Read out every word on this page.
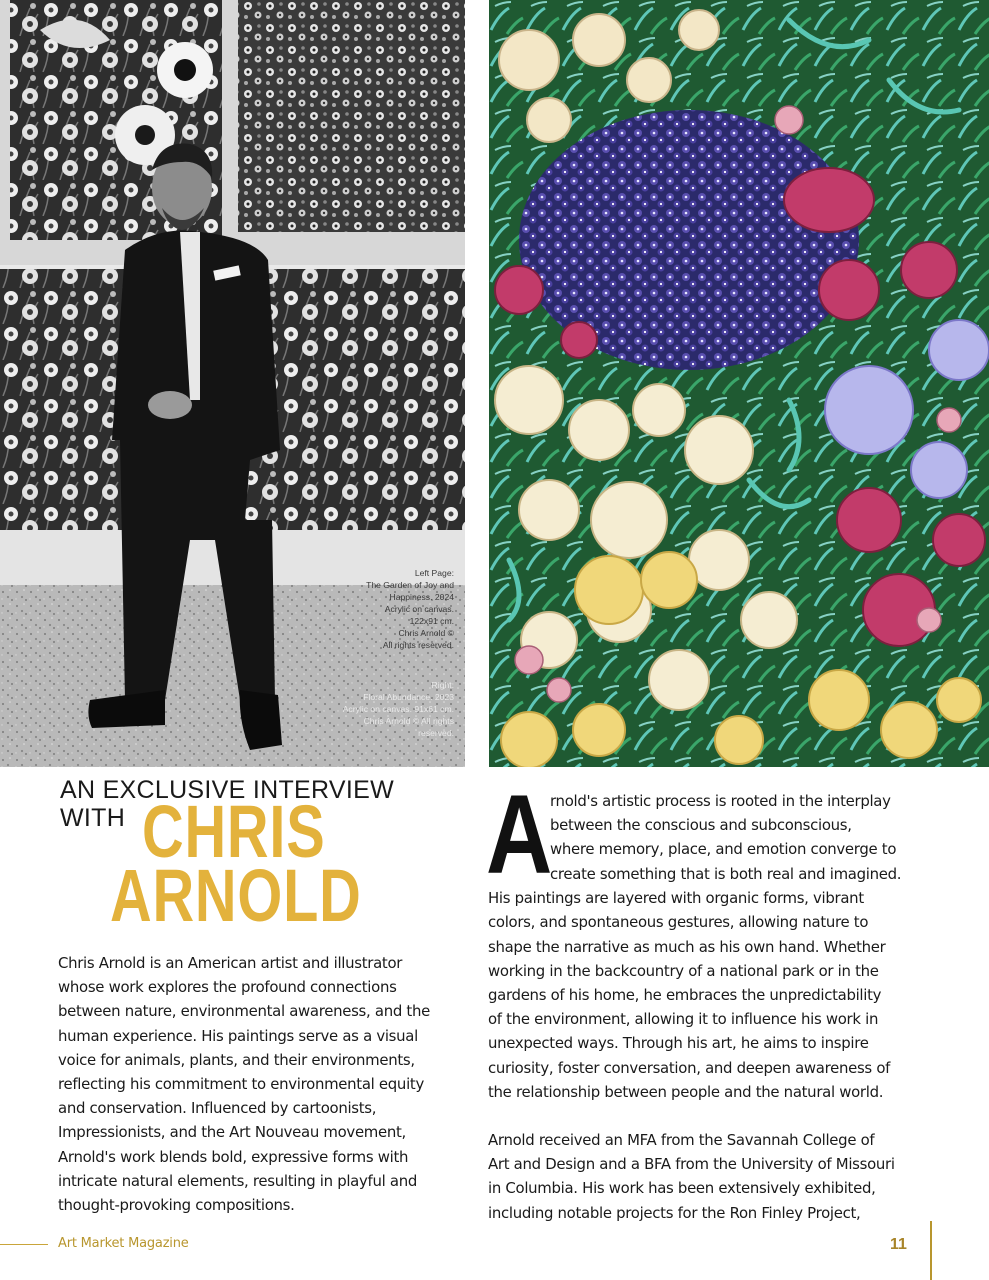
Left Page:
The Garden of Joy and
Happiness. 2024
Acrylic on canvas.
122x91 cm.
Chris Arnold ©
All rights reserved.
Right:
Floral Abundance. 2023
Acrylic on canvas. 91x61 cm.
Chris Arnold © All rights
reserved.
AN EXCLUSIVE INTERVIEW
WITH CHRIS
ARNOLD
Chris Arnold is an American artist and illustrator
whose work explores the profound connections
between nature, environmental awareness, and the
human experience. His paintings serve as a visual
voice for animals, plants, and their environments,
reflecting his commitment to environmental equity
and conservation. Influenced by cartoonists,
Impressionists, and the Art Nouveau movement,
Arnold's work blends bold, expressive forms with
intricate natural elements, resulting in playful and
thought-provoking compositions.
A
rnold's artistic process is rooted in the interplay
between the conscious and subconscious,
where memory, place, and emotion converge to
create something that is both real and imagined.
His paintings are layered with organic forms, vibrant
colors, and spontaneous gestures, allowing nature to
shape the narrative as much as his own hand. Whether
working in the backcountry of a national park or in the
gardens of his home, he embraces the unpredictability
of the environment, allowing it to influence his work in
unexpected ways. Through his art, he aims to inspire
curiosity, foster conversation, and deepen awareness of
the relationship between people and the natural world.
Arnold received an MFA from the Savannah College of
Art and Design and a BFA from the University of Missouri
in Columbia. His work has been extensively exhibited,
including notable projects for the Ron Finley Project,
Art Market Magazine	11
